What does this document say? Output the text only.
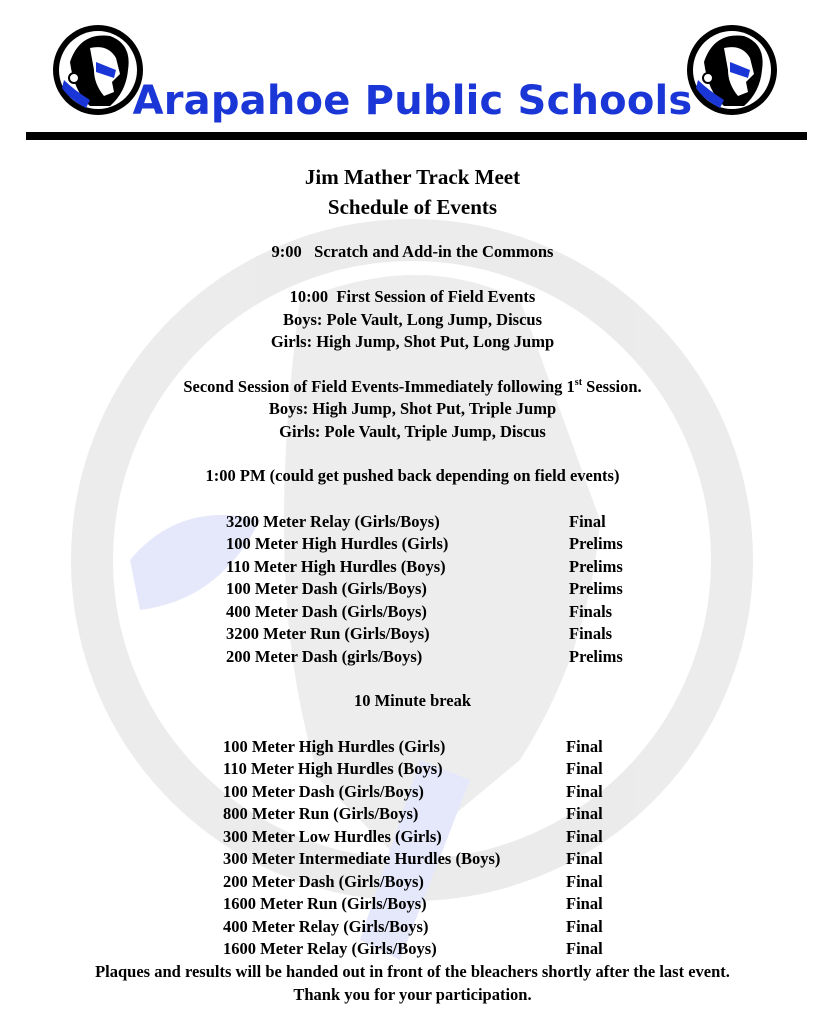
Arapahoe Public Schools
Jim Mather Track Meet
Schedule of Events
9:00   Scratch and Add-in the Commons
10:00  First Session of Field Events
Boys: Pole Vault, Long Jump, Discus
Girls: High Jump, Shot Put, Long Jump
Second Session of Field Events-Immediately following 1st Session.
Boys: High Jump, Shot Put, Triple Jump
Girls: Pole Vault, Triple Jump, Discus
1:00 PM (could get pushed back depending on field events)
3200 Meter Relay (Girls/Boys)	Final
100 Meter High Hurdles (Girls)	Prelims
110 Meter High Hurdles (Boys)	Prelims
100 Meter Dash (Girls/Boys)	Prelims
400 Meter Dash (Girls/Boys)	Finals
3200 Meter Run (Girls/Boys)	Finals
200 Meter Dash (girls/Boys)	Prelims
10 Minute break
100 Meter High Hurdles (Girls)	Final
110 Meter High Hurdles (Boys)	Final
100 Meter Dash (Girls/Boys)	Final
800 Meter Run (Girls/Boys)	Final
300 Meter Low Hurdles (Girls)	Final
300 Meter Intermediate Hurdles (Boys)	Final
200 Meter Dash (Girls/Boys)	Final
1600 Meter Run (Girls/Boys)	Final
400 Meter Relay (Girls/Boys)	Final
1600 Meter Relay (Girls/Boys)	Final
Plaques and results will be handed out in front of the bleachers shortly after the last event.
Thank you for your participation.
